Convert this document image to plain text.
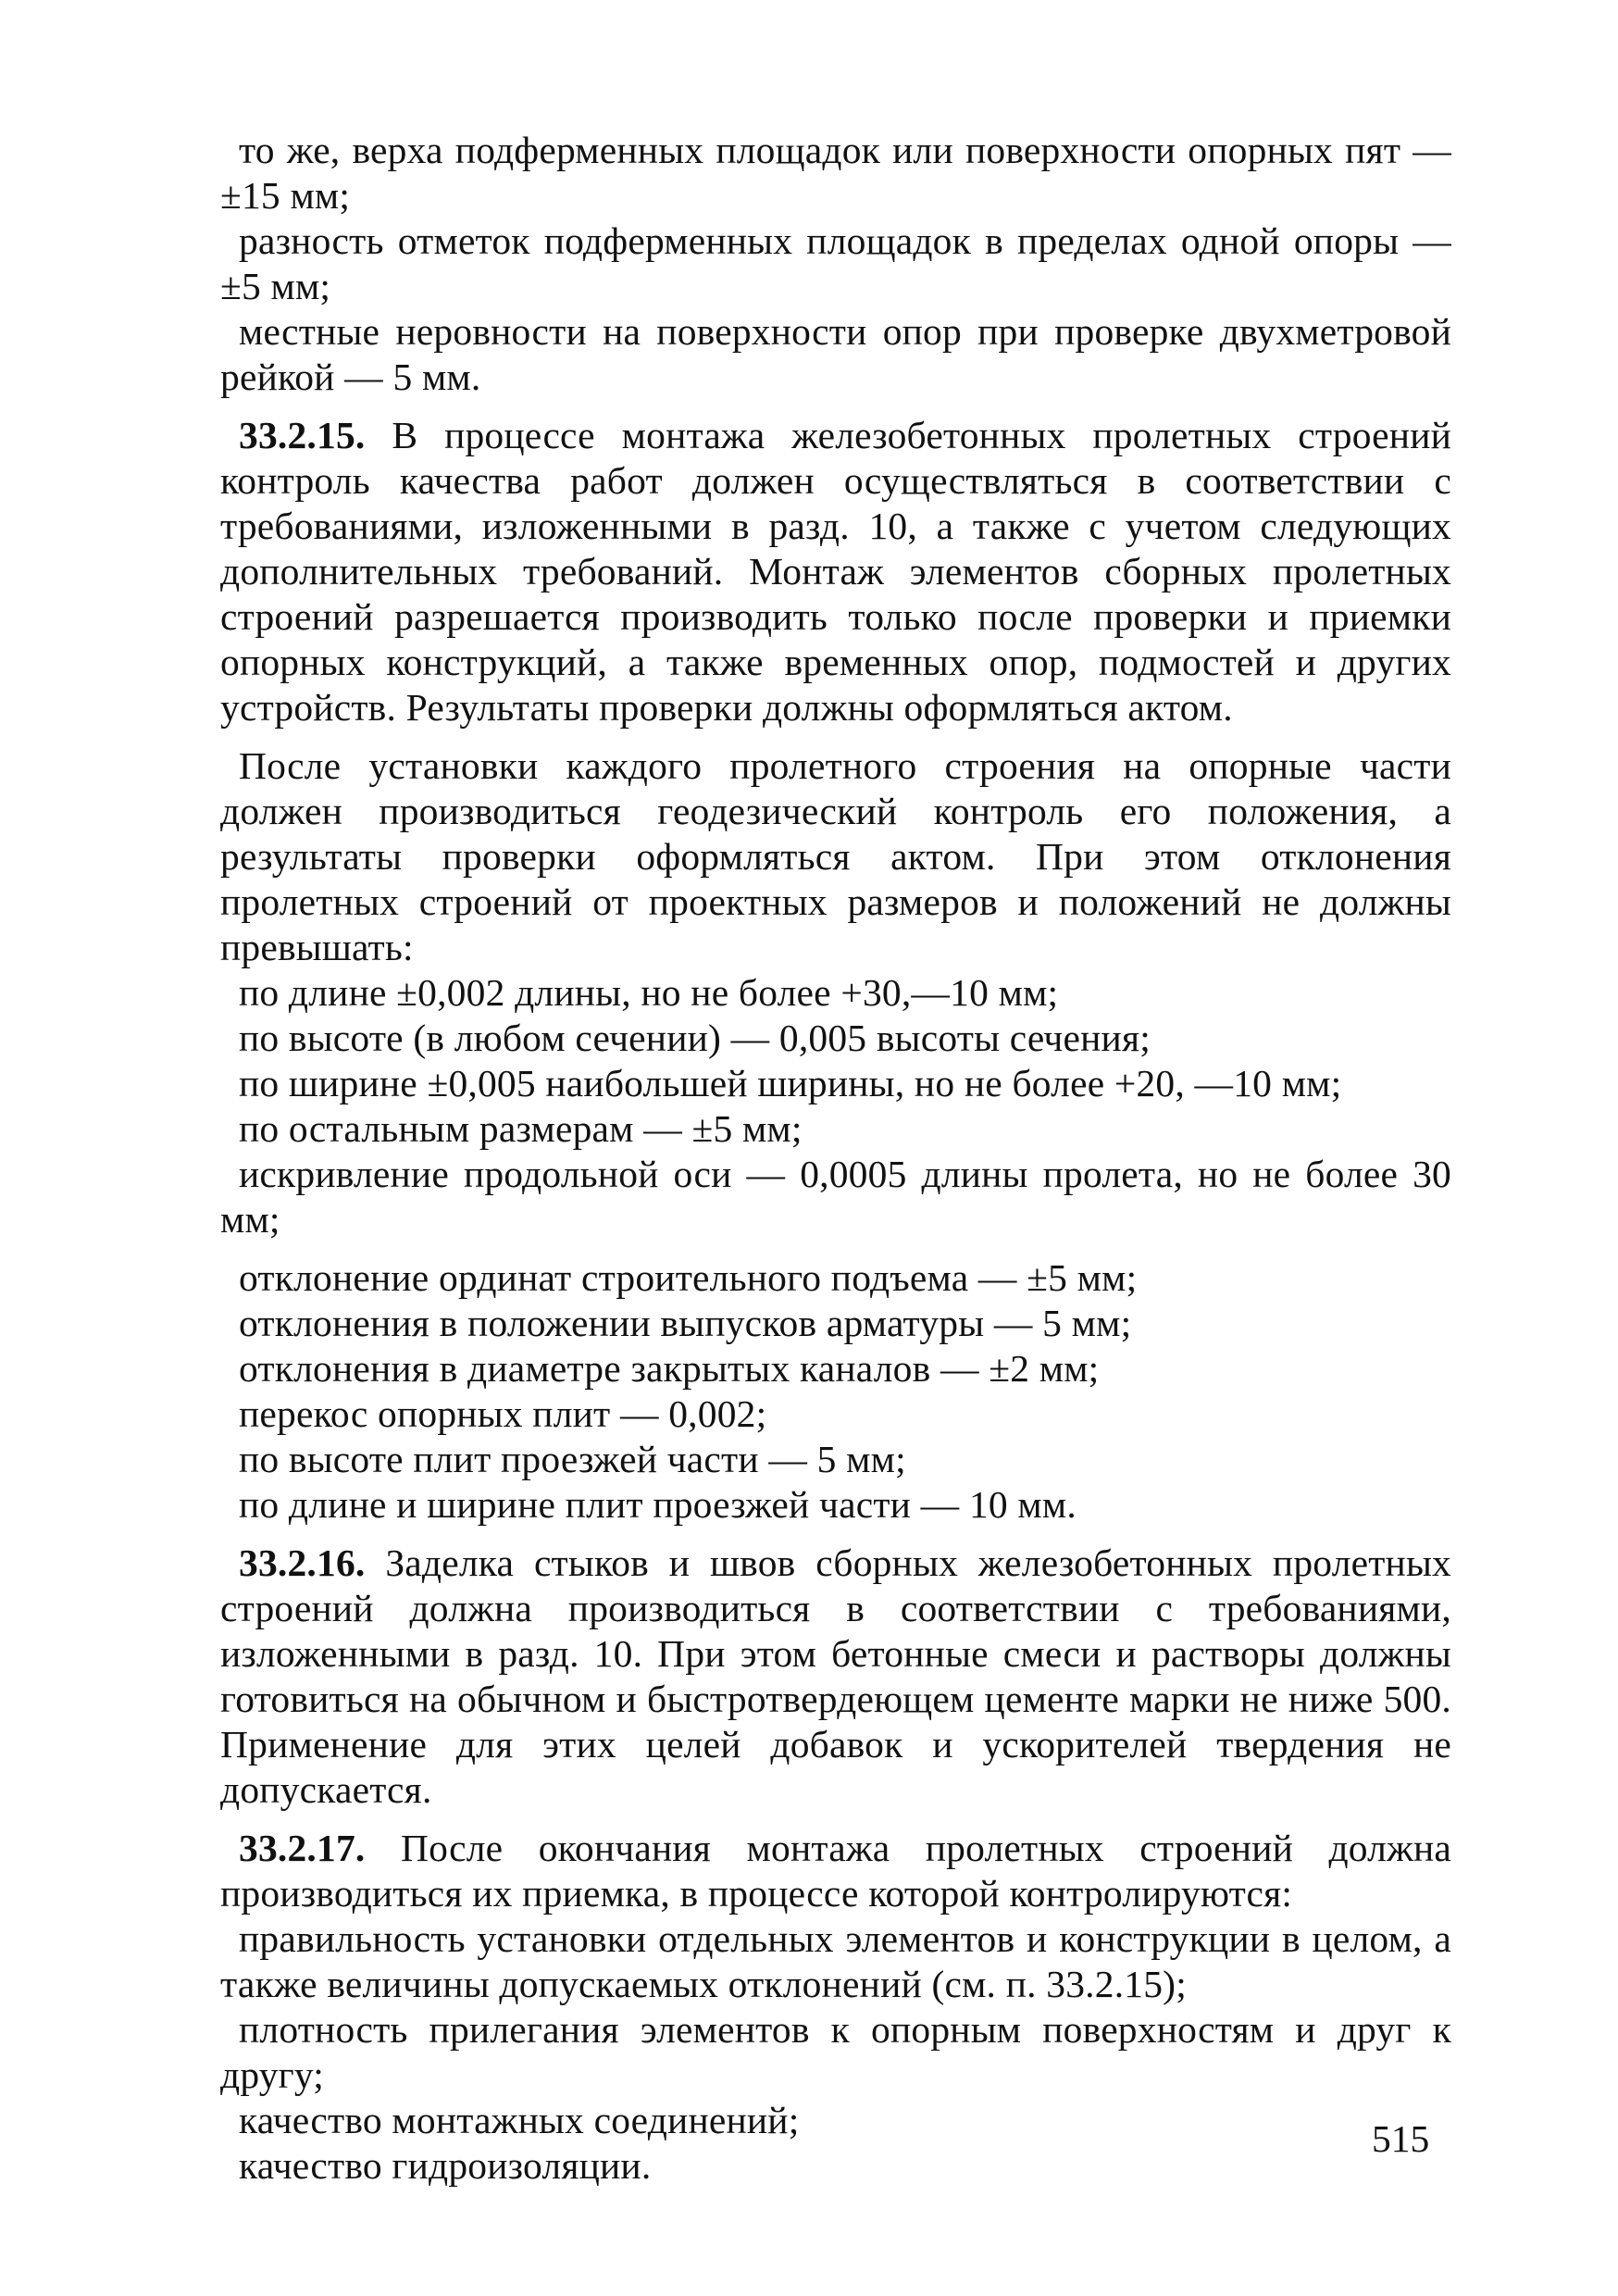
то же, верха подферменных площадок или поверхности опорных пят — ±15 мм;

разность отметок подферменных площадок в пределах одной опоры — ±5 мм;

местные неровности на поверхности опор при проверке двухметровой рейкой — 5 мм.

33.2.15. В процессе монтажа железобетонных пролетных строений контроль качества работ должен осуществляться в соответствии с требованиями, изложенными в разд. 10, а также с учетом следующих дополнительных требований. Монтаж элементов сборных пролетных строений разрешается производить только после проверки и приемки опорных конструкций, а также временных опор, подмостей и других устройств. Результаты проверки должны оформляться актом.

После установки каждого пролетного строения на опорные части должен производиться геодезический контроль его положения, а результаты проверки оформляться актом. При этом отклонения пролетных строений от проектных размеров и положений не должны превышать:

по длине ±0,002 длины, но не более +30,—10 мм;

по высоте (в любом сечении) — 0,005 высоты сечения;

по ширине ±0,005 наибольшей ширины, но не более +20, —10 мм;

по остальным размерам — ±5 мм;

искривление продольной оси — 0,0005 длины пролета, но не более 30 мм;

отклонение ординат строительного подъема — ±5 мм;

отклонения в положении выпусков арматуры — 5 мм;

отклонения в диаметре закрытых каналов — ±2 мм;

перекос опорных плит — 0,002;

по высоте плит проезжей части — 5 мм;

по длине и ширине плит проезжей части — 10 мм.

33.2.16. Заделка стыков и швов сборных железобетонных пролетных строений должна производиться в соответствии с требованиями, изложенными в разд. 10. При этом бетонные смеси и растворы должны готовиться на обычном и быстротвердеющем цементе марки не ниже 500. Применение для этих целей добавок и ускорителей твердения не допускается.

33.2.17. После окончания монтажа пролетных строений должна производиться их приемка, в процессе которой контролируются:

правильность установки отдельных элементов и конструкции в целом, а также величины допускаемых отклонений (см. п. 33.2.15);

плотность прилегания элементов к опорным поверхностям и друг к другу;

качество монтажных соединений;

качество гидроизоляции.

515
